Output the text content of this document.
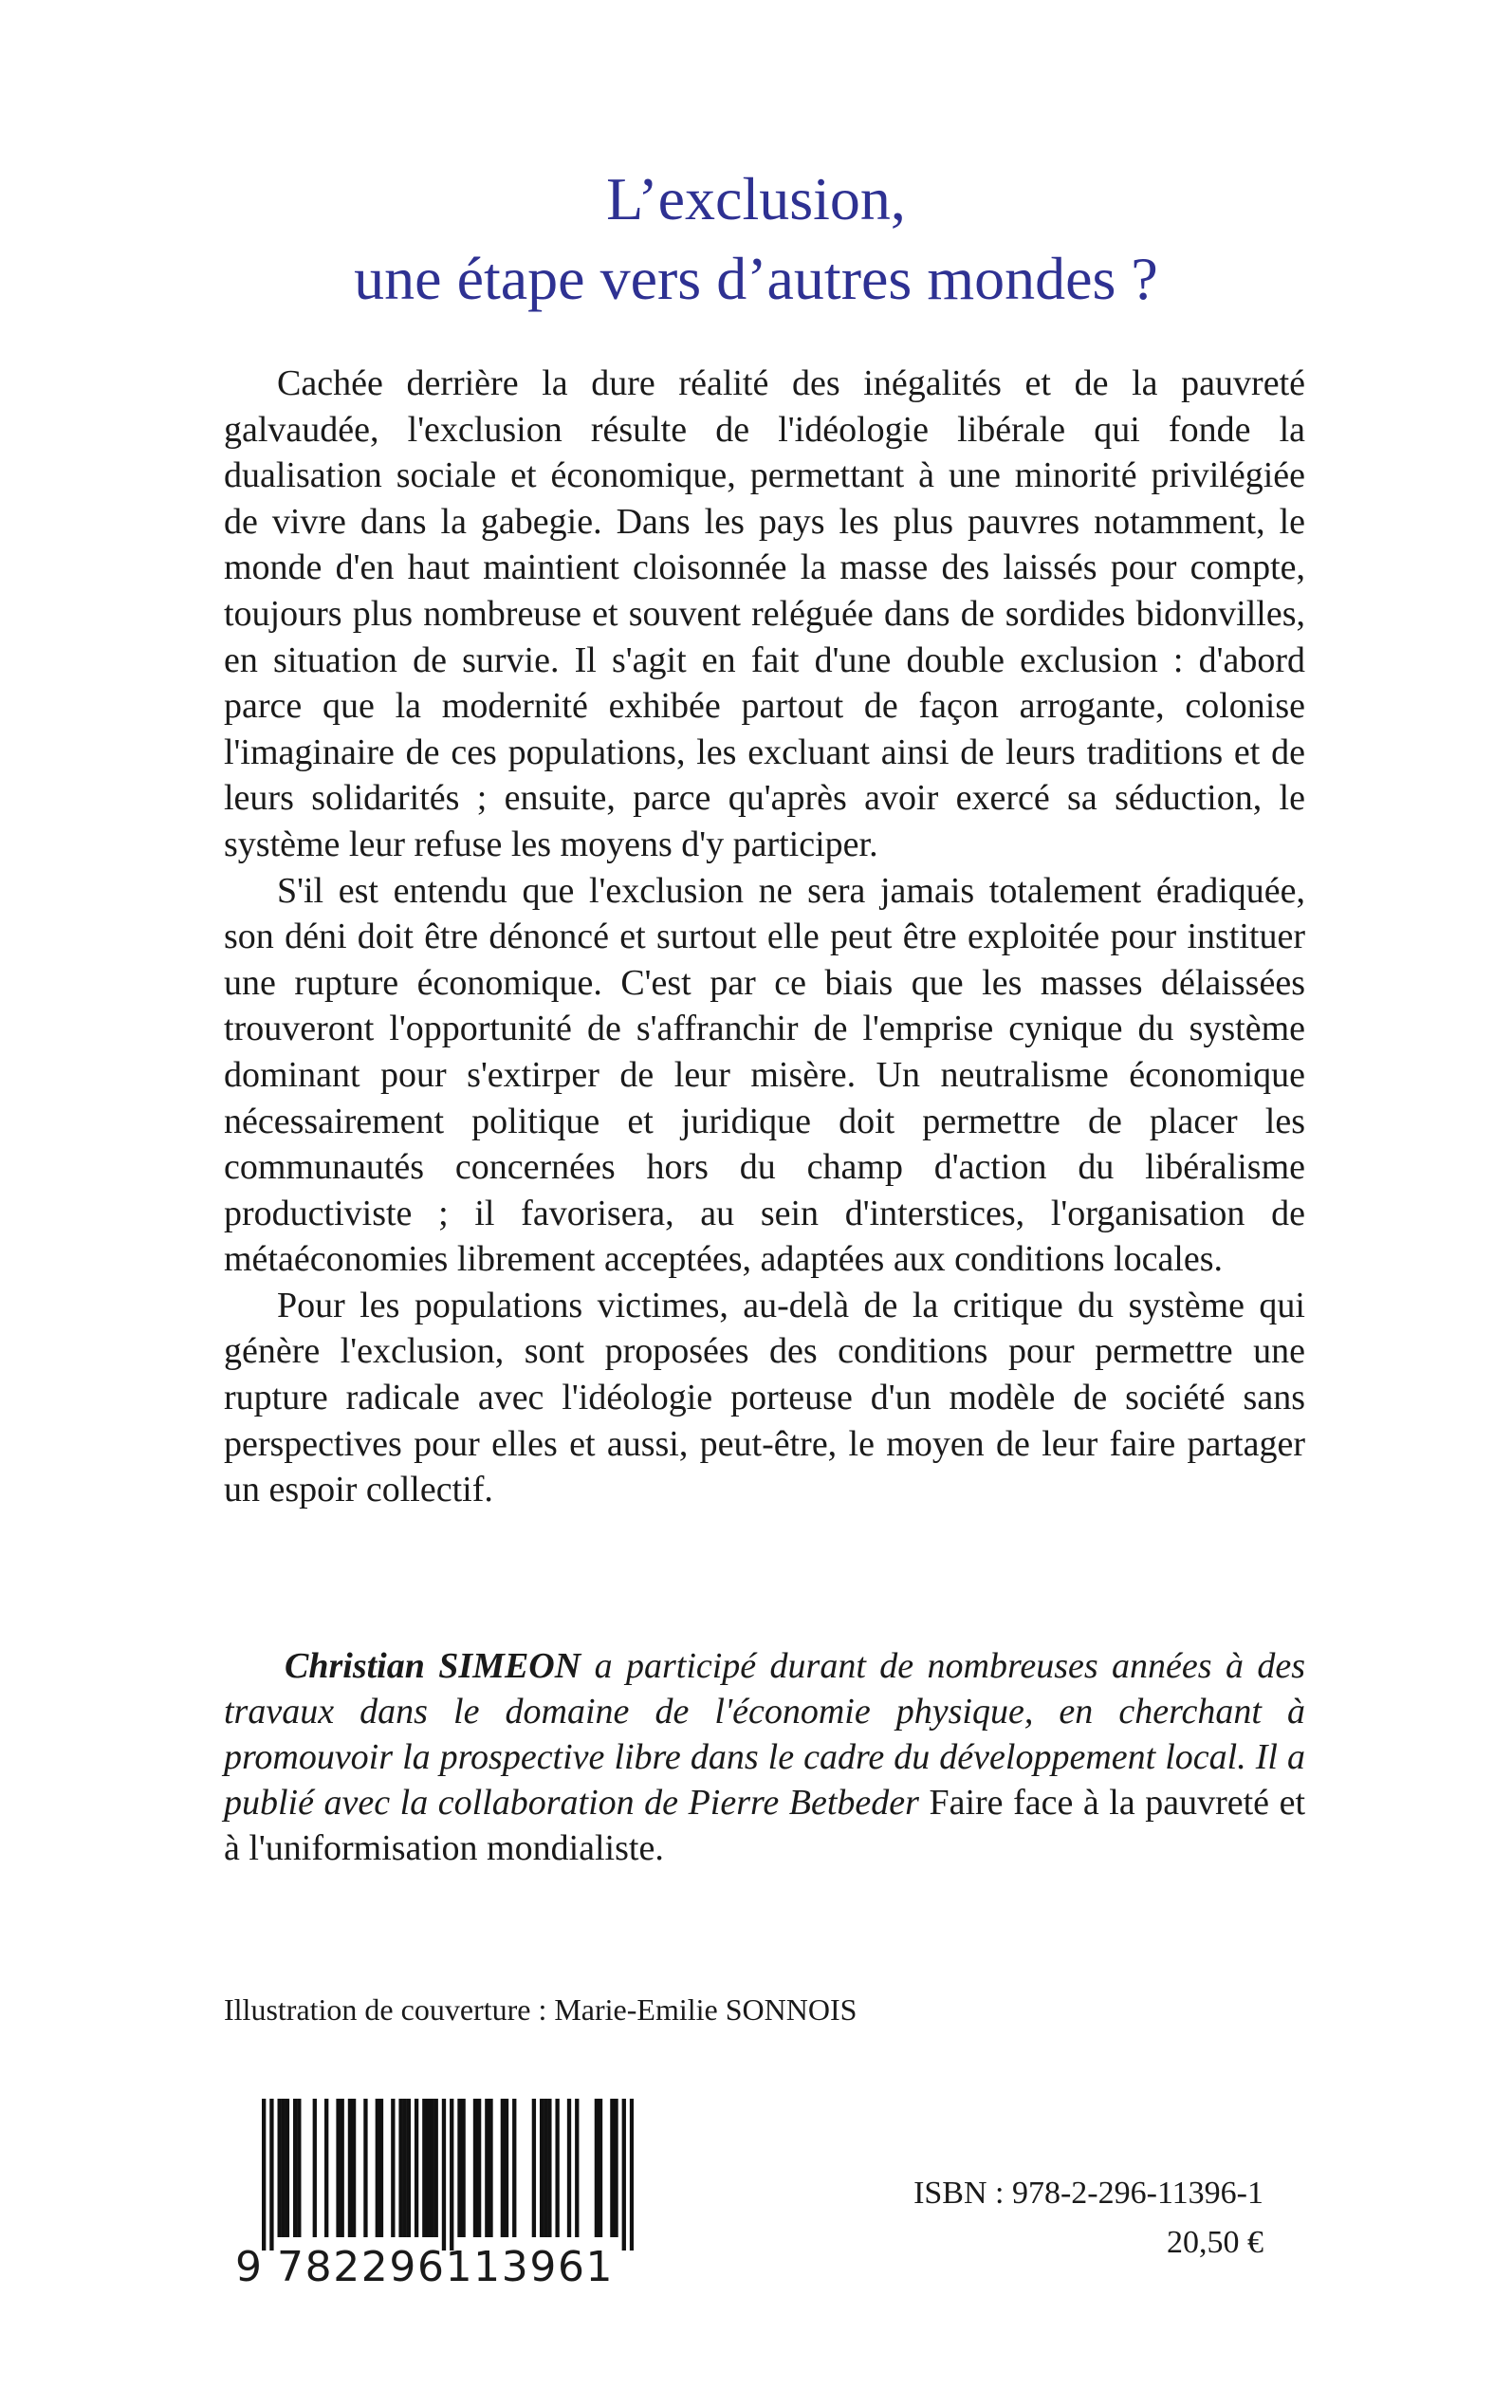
L’exclusion,
une étape vers d’autres mondes ?

Cachée derrière la dure réalité des inégalités et de la pauvreté galvaudée, l'exclusion résulte de l'idéologie libérale qui fonde la dualisation sociale et économique, permettant à une minorité privilégiée de vivre dans la gabegie. Dans les pays les plus pauvres notamment, le monde d'en haut maintient cloisonnée la masse des laissés pour compte, toujours plus nombreuse et souvent reléguée dans de sordides bidonvilles, en situation de survie. Il s'agit en fait d'une double exclusion : d'abord parce que la modernité exhibée partout de façon arrogante, colonise l'imaginaire de ces populations, les excluant ainsi de leurs traditions et de leurs solidarités ; ensuite, parce qu'après avoir exercé sa séduction, le système leur refuse les moyens d'y participer.

S'il est entendu que l'exclusion ne sera jamais totalement éradiquée, son déni doit être dénoncé et surtout elle peut être exploitée pour instituer une rupture économique. C'est par ce biais que les masses délaissées trouveront l'opportunité de s'affranchir de l'emprise cynique du système dominant pour s'extirper de leur misère. Un neutralisme économique nécessairement politique et juridique doit permettre de placer les communautés concernées hors du champ d'action du libéralisme productiviste ; il favorisera, au sein d'interstices, l'organisation de métaéconomies librement acceptées, adaptées aux conditions locales.

Pour les populations victimes, au-delà de la critique du système qui génère l'exclusion, sont proposées des conditions pour permettre une rupture radicale avec l'idéologie porteuse d'un modèle de société sans perspectives pour elles et aussi, peut-être, le moyen de leur faire partager un espoir collectif.

Christian SIMEON a participé durant de nombreuses années à des travaux dans le domaine de l'économie physique, en cherchant à promouvoir la prospective libre dans le cadre du développement local. Il a publié avec la collaboration de Pierre Betbeder Faire face à la pauvreté et à l'uniformisation mondialiste.
Illustration de couverture : Marie-Emilie SONNOIS
9 782296113961
ISBN : 978-2-296-11396-1
20,50 €
